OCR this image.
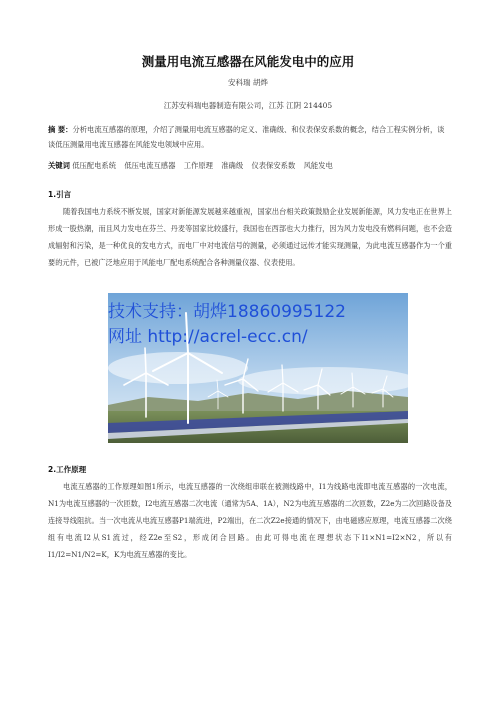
测量用电流互感器在风能发电中的应用
安科瑞 胡烨
江苏安科瑞电器制造有限公司，江苏 江阴 214405
摘 要：分析电流互感器的原理，介绍了测量用电流互感器的定义、准确级、和仪表保安系数的概念，结合工程实例分析，谈谈低压测量用电流互感器在风能发电领域中应用。
关键词 低压配电系统 低压电流互感器 工作原理 准确级 仪表保安系数 风能发电
1.引言
随着我国电力系统不断发展，国家对新能源发展越来越重视，国家出台相关政策鼓励企业发展新能源，风力发电正在世界上形成一股热潮，而且风力发电在芬兰、丹麦等国家比较盛行，我国也在西部也大力推行，因为风力发电没有燃料问题，也不会造成辐射和污染，是一种优良的发电方式，而电厂中对电流信号的测量，必须通过远传才能实现测量，为此电流互感器作为一个重要的元件，已被广泛地应用于风能电厂配电系统配合各种测量仪器、仪表使用。
技术支持：胡烨18860995122
网址 http://acrel-ecc.cn/
2.工作原理
电流互感器的工作原理如图1所示，电流互感器的一次绕组串联在被测线路中，I1为线路电流即电流互感器的一次电流，N1为电流互感器的一次匝数，I2电流互感器二次电流（通常为5A、1A），N2为电流互感器的二次匝数，Z2e为二次回路设备及连接导线阻抗。当一次电流从电流互感器P1端流进，P2端出，在二次Z2e接通的情况下，由电磁感应原理，电流互感器二次绕组有电流I2从S1流过，经Z2e至S2，形成闭合回路。由此可得电流在理想状态下I1×N1=I2×N2，所以有I1/I2=N1/N2=K，K为电流互感器的变比。
